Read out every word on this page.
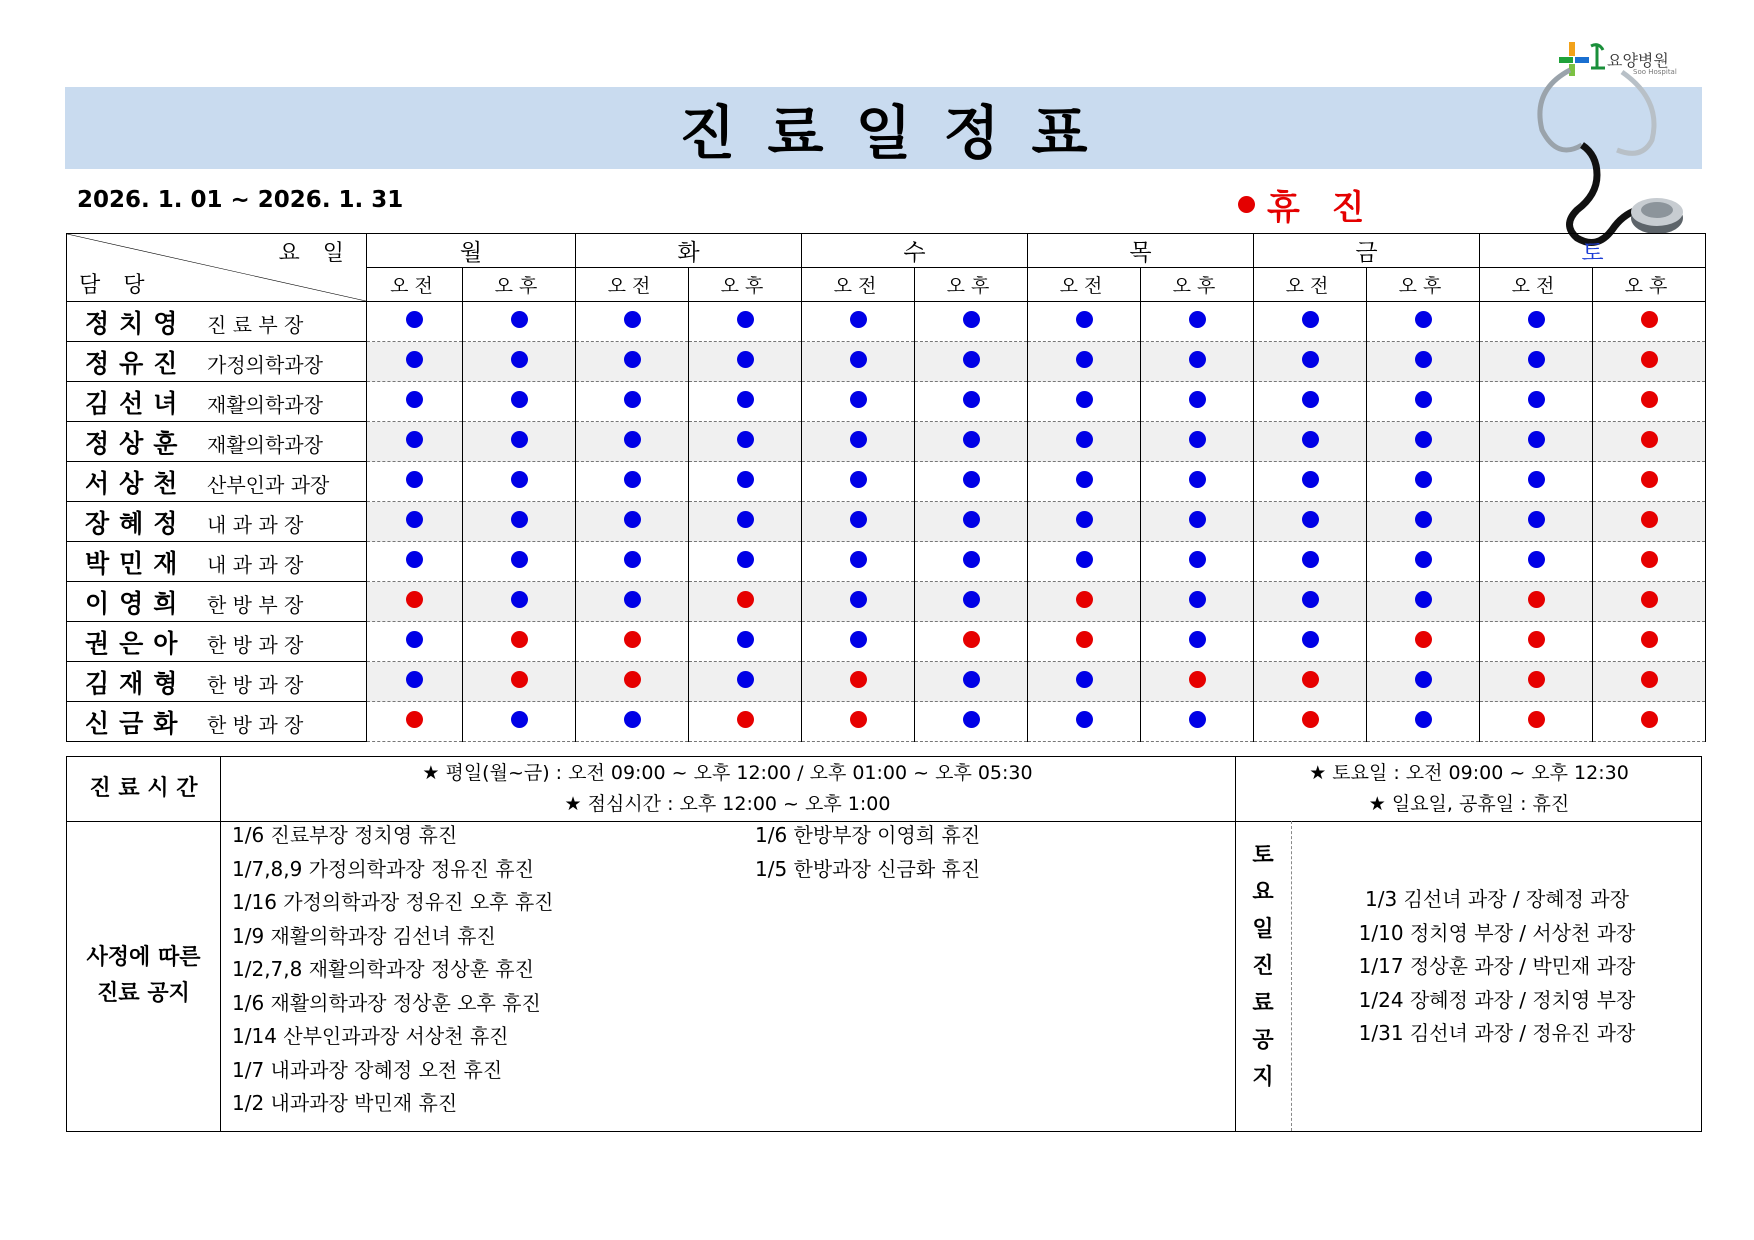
요양병원
Soo Hospital
진료일정표
2026. 1. 01 ~ 2026. 1. 31	휴 진
요 일
담 당	월		화		수		목		금		토	
	오전	오후	오전	오후	오전	오후	오전	오후	오전	오후	오전	오후
정치영 진 료 부 장												
정유진 가정의학과장												
김선녀 재활의학과장												
정상훈 재활의학과장												
서상천 산부인과 과장												
장혜정 내 과 과 장												
박민재 내 과 과 장												
이영희 한 방 부 장												
권은아 한 방 과 장												
김재형 한 방 과 장												
신금화 한 방 과 장												
진 료 시 간
★ 평일(월~금) : 오전 09:00 ~ 오후 12:00 / 오후 01:00 ~ 오후 05:30
★ 점심시간 : 오후 12:00 ~ 오후 1:00
★ 토요일 : 오전 09:00 ~ 오후 12:30
★ 일요일, 공휴일 : 휴진
사정에 따른
진료 공지
1/6 진료부장 정치영 휴진
1/7,8,9 가정의학과장 정유진 휴진
1/16 가정의학과장 정유진 오후 휴진
1/9 재활의학과장 김선녀 휴진
1/2,7,8 재활의학과장 정상훈 휴진
1/6 재활의학과장 정상훈 오후 휴진
1/14 산부인과과장 서상천 휴진
1/7 내과과장 장혜정 오전 휴진
1/2 내과과장 박민재 휴진
1/6 한방부장 이영희 휴진
1/5 한방과장 신금화 휴진
토
요
일
진
료
공
지
1/3 김선녀 과장 / 장혜정 과장
1/10 정치영 부장 / 서상천 과장
1/17 정상훈 과장 / 박민재 과장
1/24 장혜정 과장 / 정치영 부장
1/31 김선녀 과장 / 정유진 과장
